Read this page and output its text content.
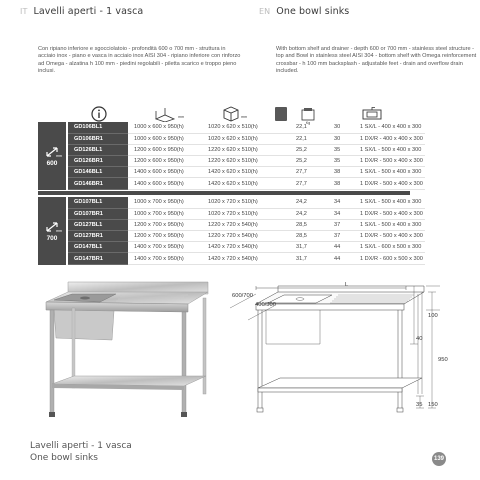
IT Lavelli aperti - 1 vasca	EN One bowl sinks
Con ripiano inferiore e sgocciolatoio - profondità 600 o 700 mm - struttura in acciaio inox - piano e vasca in acciaio inox AISI 304 - ripiano inferiore con rinforzo ad Omega - alzatina h 100 mm - piedini regolabili - piletta scarico e troppo pieno inclusi.
With bottom shelf and drainer - depth 600 or 700 mm - stainless steel structure - top and Bowl in stainless steel AISI 304 - bottom shelf with Omega reinforcement crossbar - h 100 mm backsplash - adjustable feet - drain and overflow drain included.
mm	mm
Kg	Kg
mm
600
mm
700
GD106BL1	1000 x 600 x 950(h)	1020 x 620 x 510(h)	22,1	30	1 SX/L - 400 x 400 x 300
GD106BR1	1000 x 600 x 950(h)	1020 x 620 x 510(h)	22,1	30	1 DX/R - 400 x 400 x 300
GD126BL1	1200 x 600 x 950(h)	1220 x 620 x 510(h)	25,2	35	1 SX/L - 500 x 400 x 300
GD126BR1	1200 x 600 x 950(h)	1220 x 620 x 510(h)	25,2	35	1 DX/R - 500 x 400 x 300
GD146BL1	1400 x 600 x 950(h)	1420 x 620 x 510(h)	27,7	38	1 SX/L - 500 x 400 x 300
GD146BR1	1400 x 600 x 950(h)	1420 x 620 x 510(h)	27,7	38	1 DX/R - 500 x 400 x 300
GD107BL1	1000 x 700 x 950(h)	1020 x 720 x 510(h)	24,2	34	1 SX/L - 500 x 400 x 300
GD107BR1	1000 x 700 x 950(h)	1020 x 720 x 510(h)	24,2	34	1 DX/R - 500 x 400 x 300
GD127BL1	1200 x 700 x 950(h)	1220 x 720 x 540(h)	28,5	37	1 SX/L - 500 x 400 x 300
GD127BR1	1200 x 700 x 950(h)	1220 x 720 x 540(h)	28,5	37	1 DX/R - 500 x 400 x 300
GD147BL1	1400 x 700 x 950(h)	1420 x 720 x 540(h)	31,7	44	1 SX/L - 600 x 500 x 300
GD147BR1	1400 x 700 x 950(h)	1420 x 720 x 540(h)	31,7	44	1 DX/R - 600 x 500 x 300
600/700
400/500
L
100
40
950
35 150
Lavelli aperti - 1 vasca
One bowl sinks	139
